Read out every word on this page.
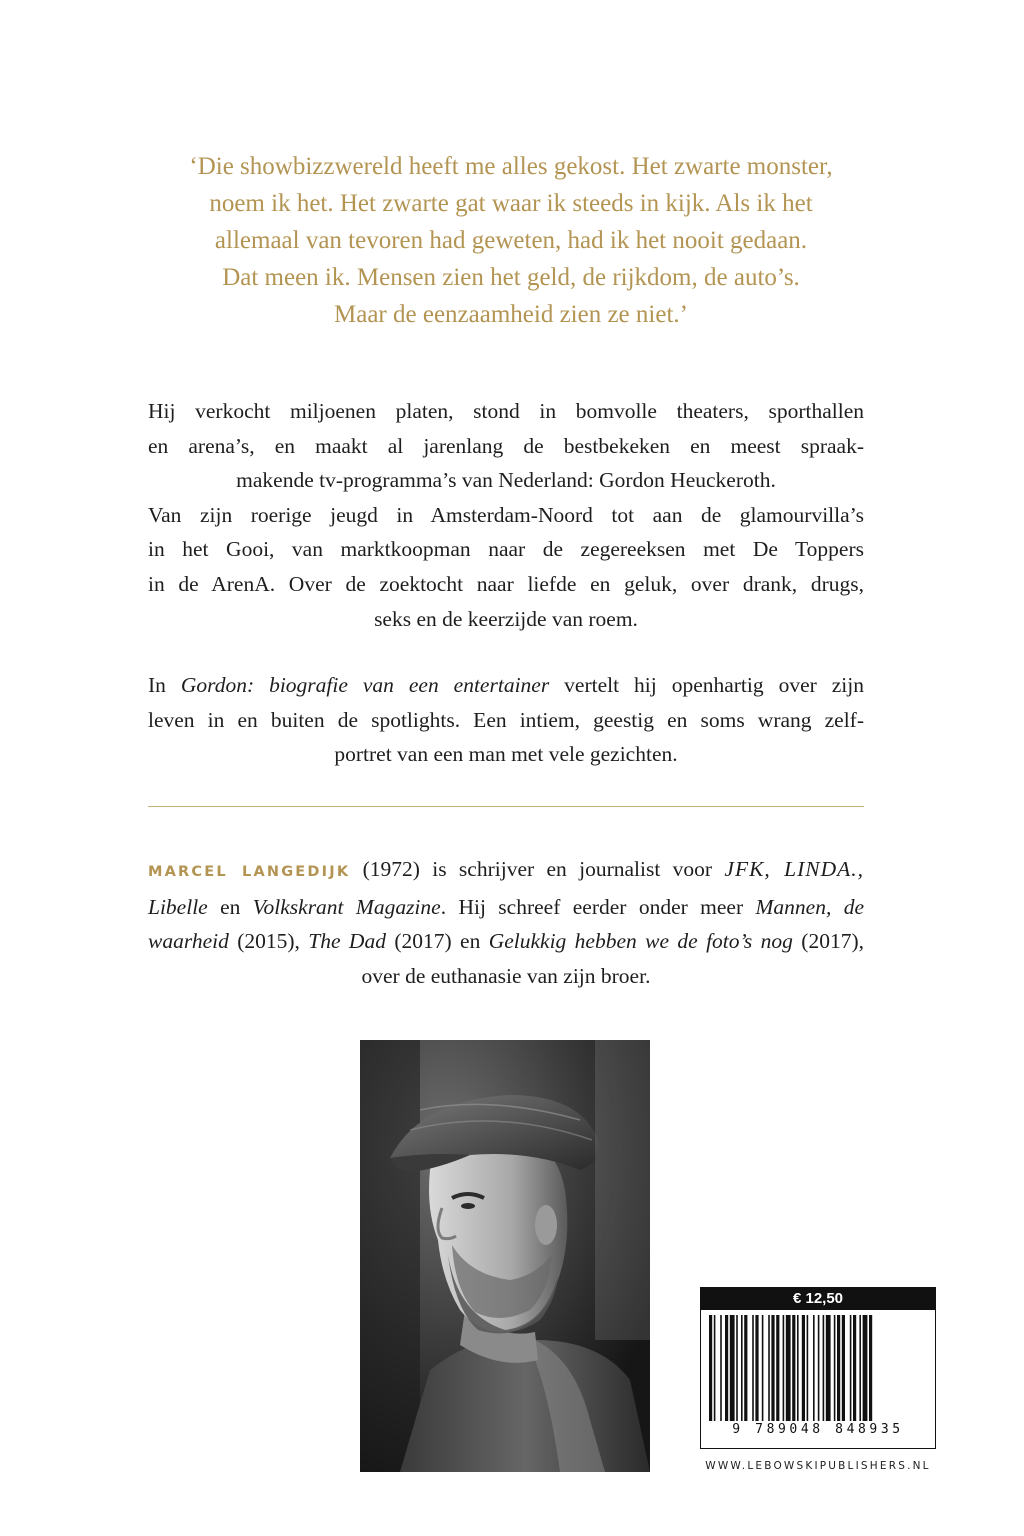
‘Die showbizzwereld heeft me alles gekost. Het zwarte monster,
noem ik het. Het zwarte gat waar ik steeds in kijk. Als ik het
allemaal van tevoren had geweten, had ik het nooit gedaan.
Dat meen ik. Mensen zien het geld, de rijkdom, de auto’s.
Maar de eenzaamheid zien ze niet.’
Hij verkocht miljoenen platen, stond in bomvolle theaters, sporthallen
en arena’s, en maakt al jarenlang de bestbekeken en meest spraak-
makende tv-programma’s van Nederland: Gordon Heuckeroth.
Van zijn roerige jeugd in Amsterdam-Noord tot aan de glamourvilla’s
in het Gooi, van marktkoopman naar de zegereeksen met De Toppers
in de ArenA. Over de zoektocht naar liefde en geluk, over drank, drugs,
seks en de keerzijde van roem.
In Gordon: biografie van een entertainer vertelt hij openhartig over zijn
leven in en buiten de spotlights. Een intiem, geestig en soms wrang zelf-
portret van een man met vele gezichten.
MARCEL LANGEDIJK (1972) is schrijver en journalist voor JFK, LINDA.,
Libelle en Volkskrant Magazine. Hij schreef eerder onder meer Mannen, de
waarheid (2015), The Dad (2017) en Gelukkig hebben we de foto’s nog (2017),
over de euthanasie van zijn broer.
€ 12,50
9 789048 848935
WWW.LEBOWSKIPUBLISHERS.NL
